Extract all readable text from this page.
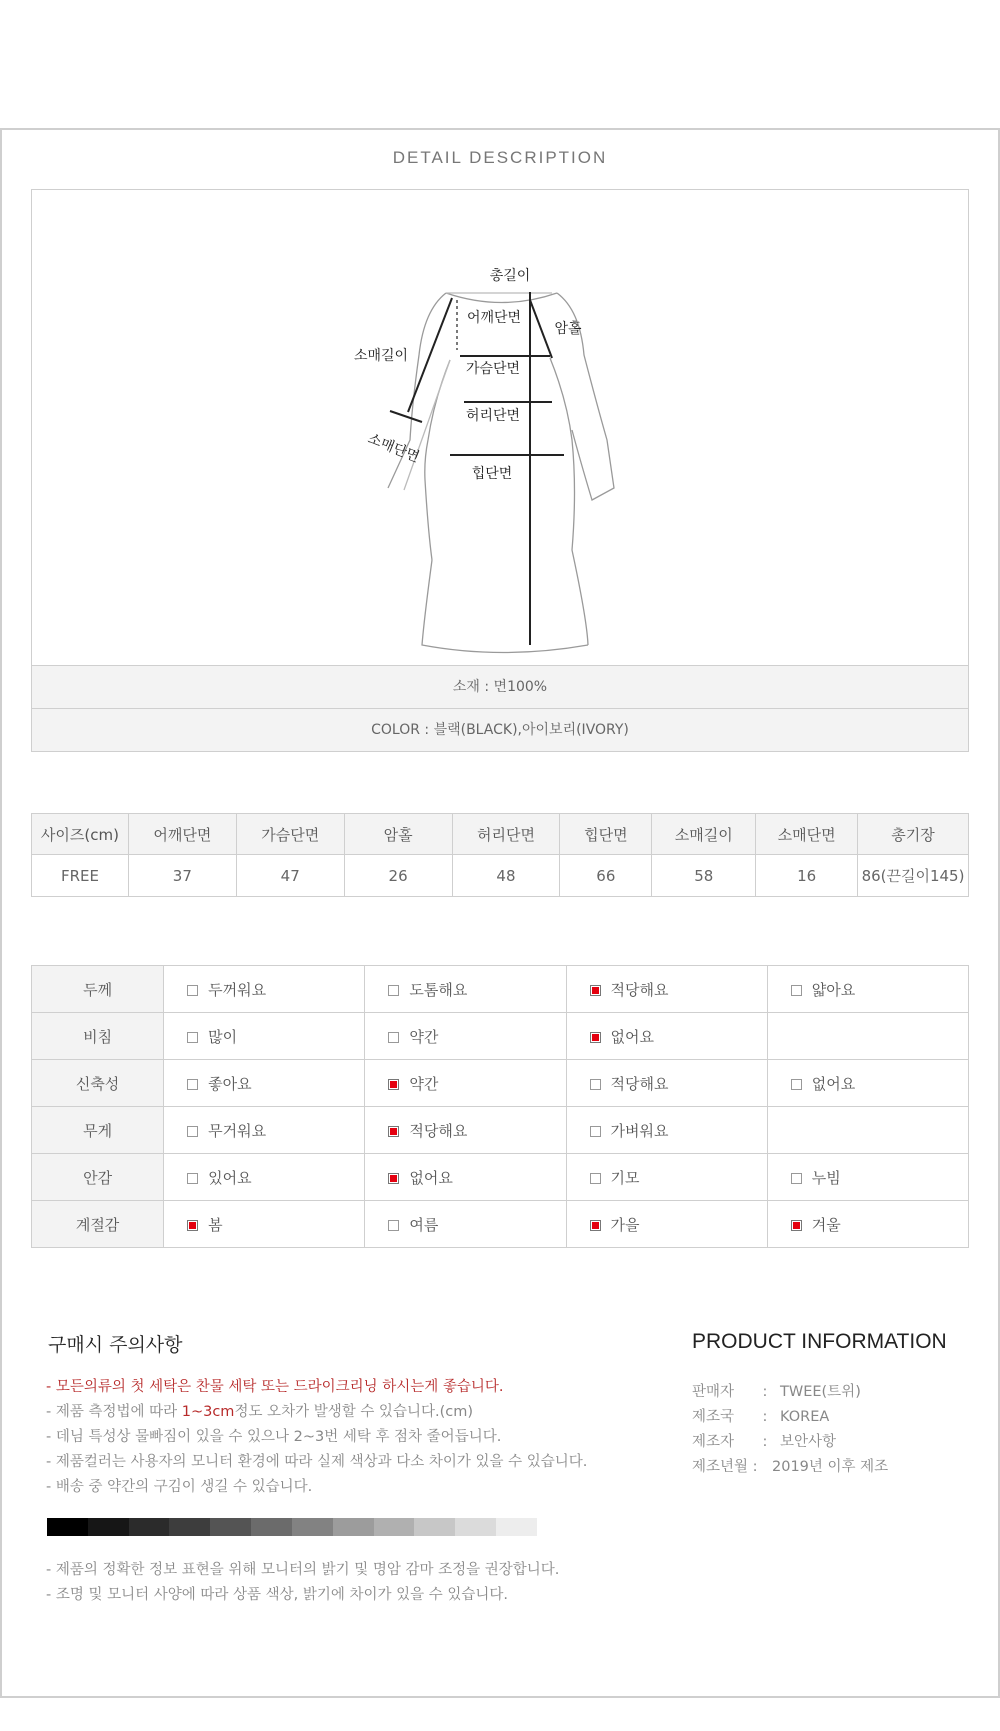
DETAIL DESCRIPTION
총길이
어깨단면
암홀
소매길이
가슴단면
허리단면
소매단면
힙단면
소재 : 면100%
COLOR : 블랙(BLACK),아이보리(IVORY)
사이즈(cm)	어깨단면	가슴단면	암홀	허리단면	힙단면	소매길이	소매단면	총기장
FREE	37	47	26	48	66	58	16	86(끈길이145)
두께	두꺼워요	도톰해요	적당해요	얇아요
비침	많이	약간	없어요	
신축성	좋아요	약간	적당해요	없어요
무게	무거워요	적당해요	가벼워요	
안감	있어요	없어요	기모	누빔
계절감	봄	여름	가을	겨울
구매시 주의사항
- 모든의류의 첫 세탁은 찬물 세탁 또는 드라이크리닝 하시는게 좋습니다.
- 제품 측정법에 따라 1~3cm정도 오차가 발생할 수 있습니다.(cm)
- 데님 특성상 물빠짐이 있을 수 있으나 2~3번 세탁 후 점차 줄어듭니다.
- 제품컬러는 사용자의 모니터 환경에 따라 실제 색상과 다소 차이가 있을 수 있습니다.
- 배송 중 약간의 구김이 생길 수 있습니다.
- 제품의 정확한 정보 표현을 위해 모니터의 밝기 및 명암 감마 조정을 권장합니다.
- 조명 및 모니터 사양에 따라 상품 색상, 밝기에 차이가 있을 수 있습니다.
PRODUCT INFORMATION
판매자 : TWEE(트위)
제조국 : KOREA
제조자 : 보안사항
제조년월 : 2019년 이후 제조
